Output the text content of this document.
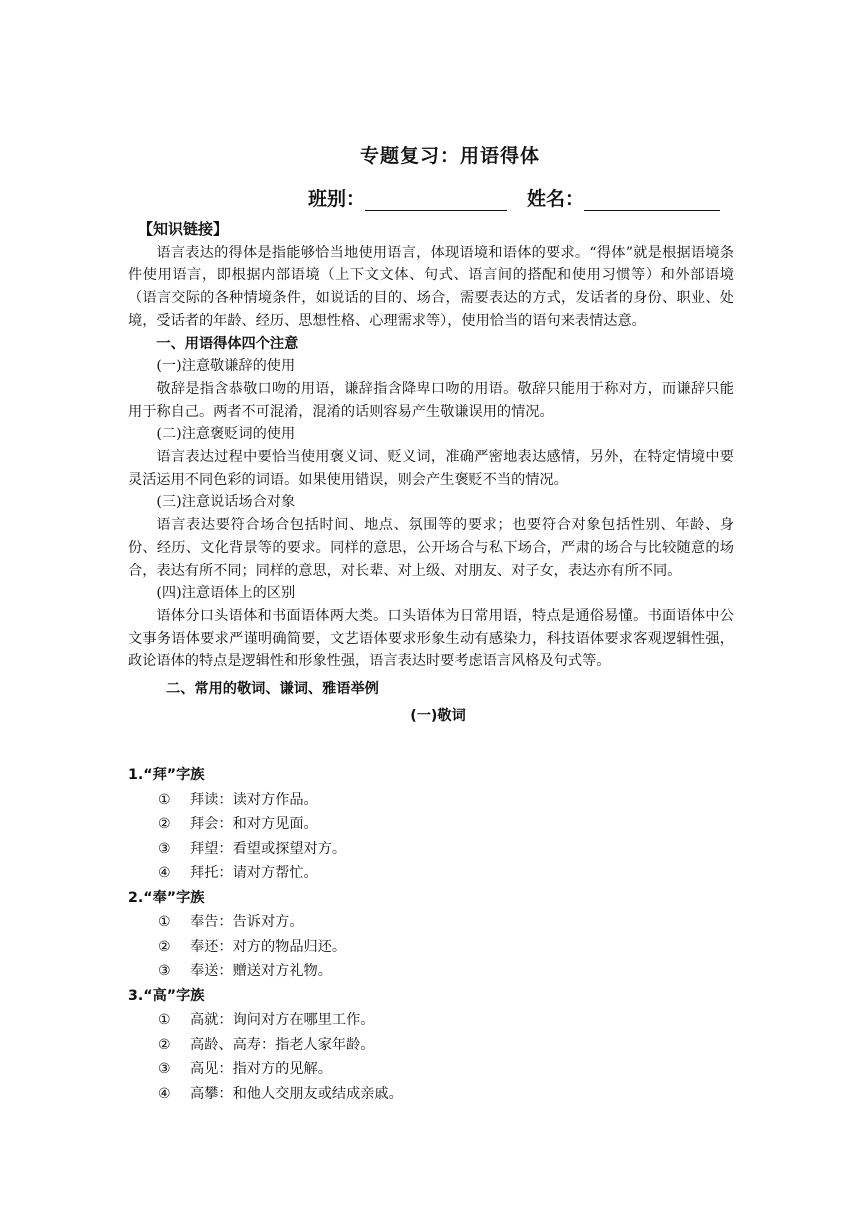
专题复习：用语得体
班别：	姓名：
【知识链接】

语言表达的得体是指能够恰当地使用语言，体现语境和语体的要求。“得体”就是根据语境条件使用语言，即根据内部语境（上下文文体、句式、语言间的搭配和使用习惯等）和外部语境（语言交际的各种情境条件，如说话的目的、场合，需要表达的方式，发话者的身份、职业、处境，受话者的年龄、经历、思想性格、心理需求等），使用恰当的语句来表情达意。

一、用语得体四个注意
(一)注意敬谦辞的使用

敬辞是指含恭敬口吻的用语，谦辞指含降卑口吻的用语。敬辞只能用于称对方，而谦辞只能用于称自己。两者不可混淆，混淆的话则容易产生敬谦误用的情况。

(二)注意褒贬词的使用

语言表达过程中要恰当使用褒义词、贬义词，准确严密地表达感情，另外，在特定情境中要灵活运用不同色彩的词语。如果使用错误，则会产生褒贬不当的情况。

(三)注意说话场合对象

语言表达要符合场合包括时间、地点、氛围等的要求；也要符合对象包括性别、年龄、身份、经历、文化背景等的要求。同样的意思，公开场合与私下场合，严肃的场合与比较随意的场合，表达有所不同；同样的意思，对长辈、对上级、对朋友、对子女，表达亦有所不同。

(四)注意语体上的区别

语体分口头语体和书面语体两大类。口头语体为日常用语，特点是通俗易懂。书面语体中公文事务语体要求严谨明确简要，文艺语体要求形象生动有感染力，科技语体要求客观逻辑性强，政论语体的特点是逻辑性和形象性强，语言表达时要考虑语言风格及句式等。

二、常用的敬词、谦词、雅语举例
(一)敬词
1.“拜”字族
① 拜读：读对方作品。
② 拜会：和对方见面。
③ 拜望：看望或探望对方。
④ 拜托：请对方帮忙。
2.“奉”字族
① 奉告：告诉对方。
② 奉还：对方的物品归还。
③ 奉送：赠送对方礼物。
3.“高”字族
① 高就：询问对方在哪里工作。
② 高龄、高寿：指老人家年龄。
③ 高见：指对方的见解。
④ 高攀：和他人交朋友或结成亲戚。
